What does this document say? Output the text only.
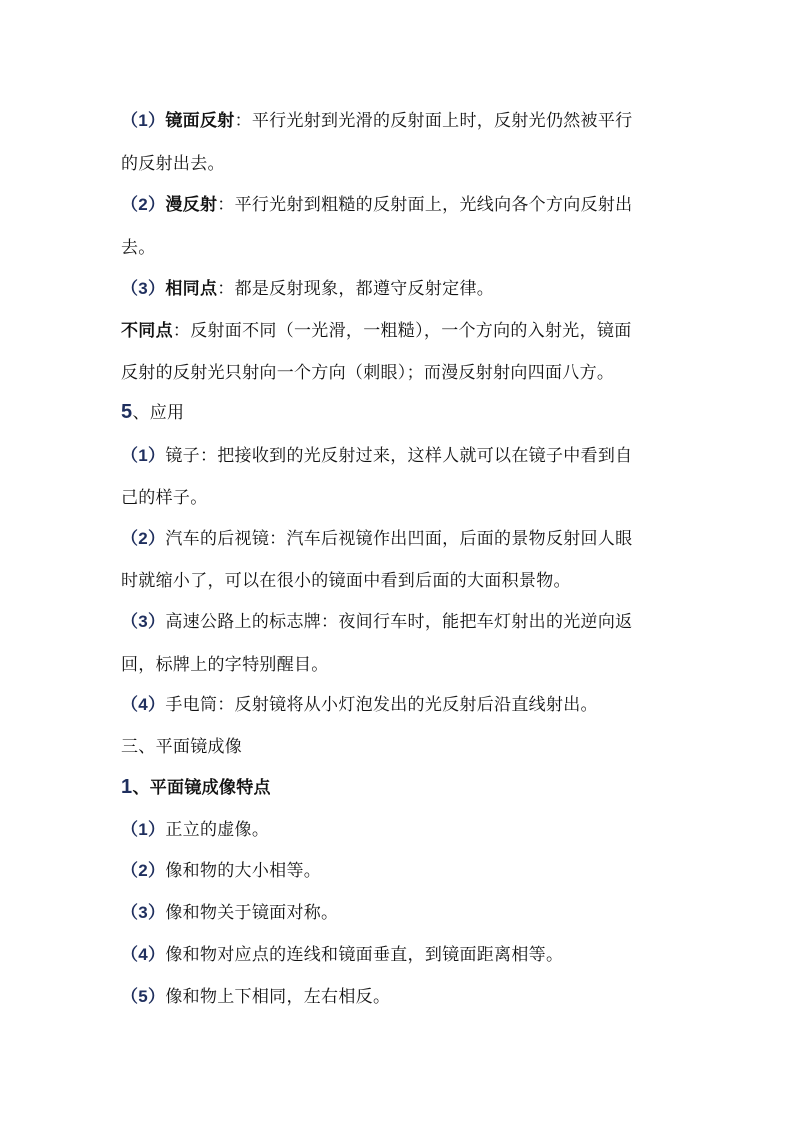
（1）镜面反射：平行光射到光滑的反射面上时，反射光仍然被平行
的反射出去。
（2）漫反射：平行光射到粗糙的反射面上，光线向各个方向反射出
去。
（3）相同点：都是反射现象，都遵守反射定律。
不同点：反射面不同（一光滑，一粗糙），一个方向的入射光，镜面
反射的反射光只射向一个方向（刺眼）；而漫反射射向四面八方。
5、应用
（1）镜子：把接收到的光反射过来，这样人就可以在镜子中看到自
己的样子。
（2）汽车的后视镜：汽车后视镜作出凹面，后面的景物反射回人眼
时就缩小了，可以在很小的镜面中看到后面的大面积景物。
（3）高速公路上的标志牌：夜间行车时，能把车灯射出的光逆向返
回，标牌上的字特别醒目。
（4）手电筒：反射镜将从小灯泡发出的光反射后沿直线射出。
三、平面镜成像
1、平面镜成像特点
（1）正立的虚像。
（2）像和物的大小相等。
（3）像和物关于镜面对称。
（4）像和物对应点的连线和镜面垂直，到镜面距离相等。
（5）像和物上下相同，左右相反。
